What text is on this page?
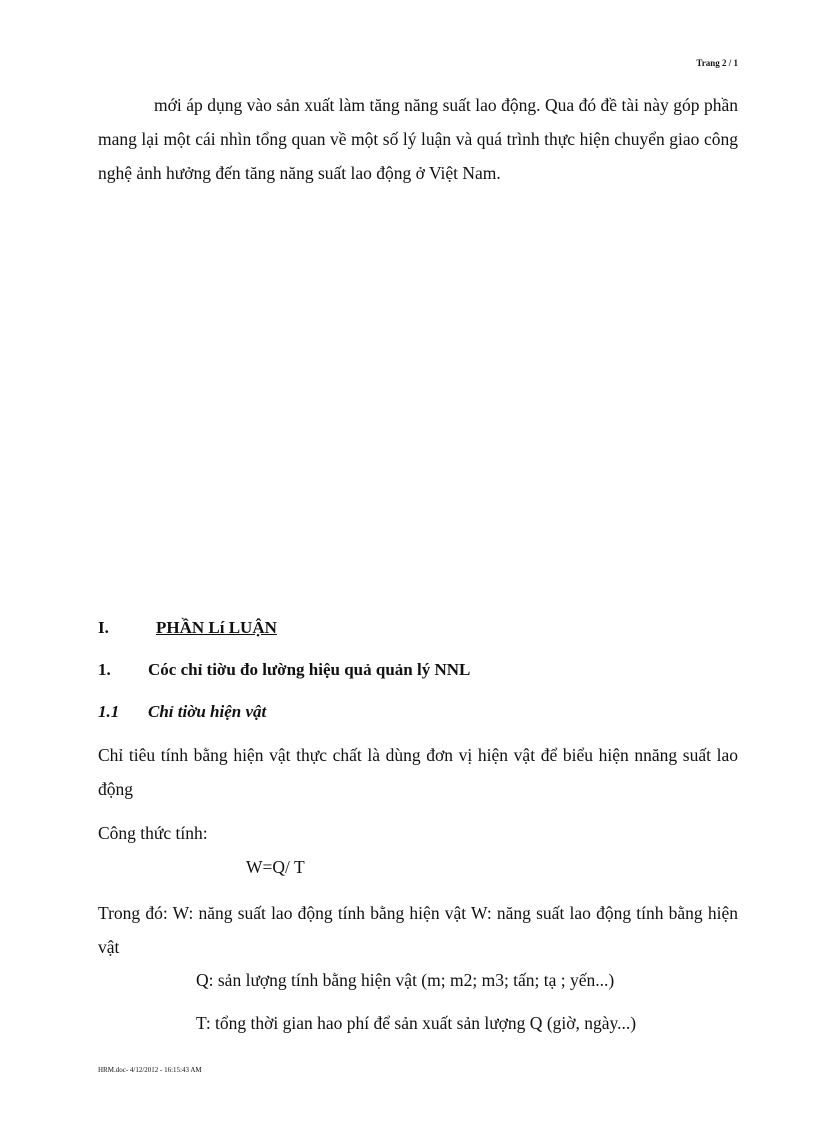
Trang 2 / 1

mới áp dụng vào sản xuất làm tăng năng suất lao động. Qua đó đề tài này góp phần mang lại một cái nhìn tổng quan về một số lý luận và quá trình thực hiện chuyển giao công nghệ ảnh hưởng đến tăng năng suất lao động ở Việt Nam.

I.	PHẦN Lí LUẬN
1. Cóc chỉ tiờu đo lường hiệu quả quản lý NNL
1.1 Chỉ tiờu hiện vật

Chỉ tiêu tính bằng hiện vật thực chất là dùng đơn vị hiện vật để biểu hiện nnăng suất lao động

Công thức tính:

W=Q/ T

Trong đó: W: năng suất lao động tính bằng hiện vật W: năng suất lao động tính bằng hiện vật

Q: sản lượng tính bằng hiện vật (m; m2; m3; tấn; tạ ; yến...)
T: tổng thời gian hao phí để sản xuất sản lượng Q (giờ, ngày...)
HRM.doc- 4/12/2012 - 16:15:43 AM
